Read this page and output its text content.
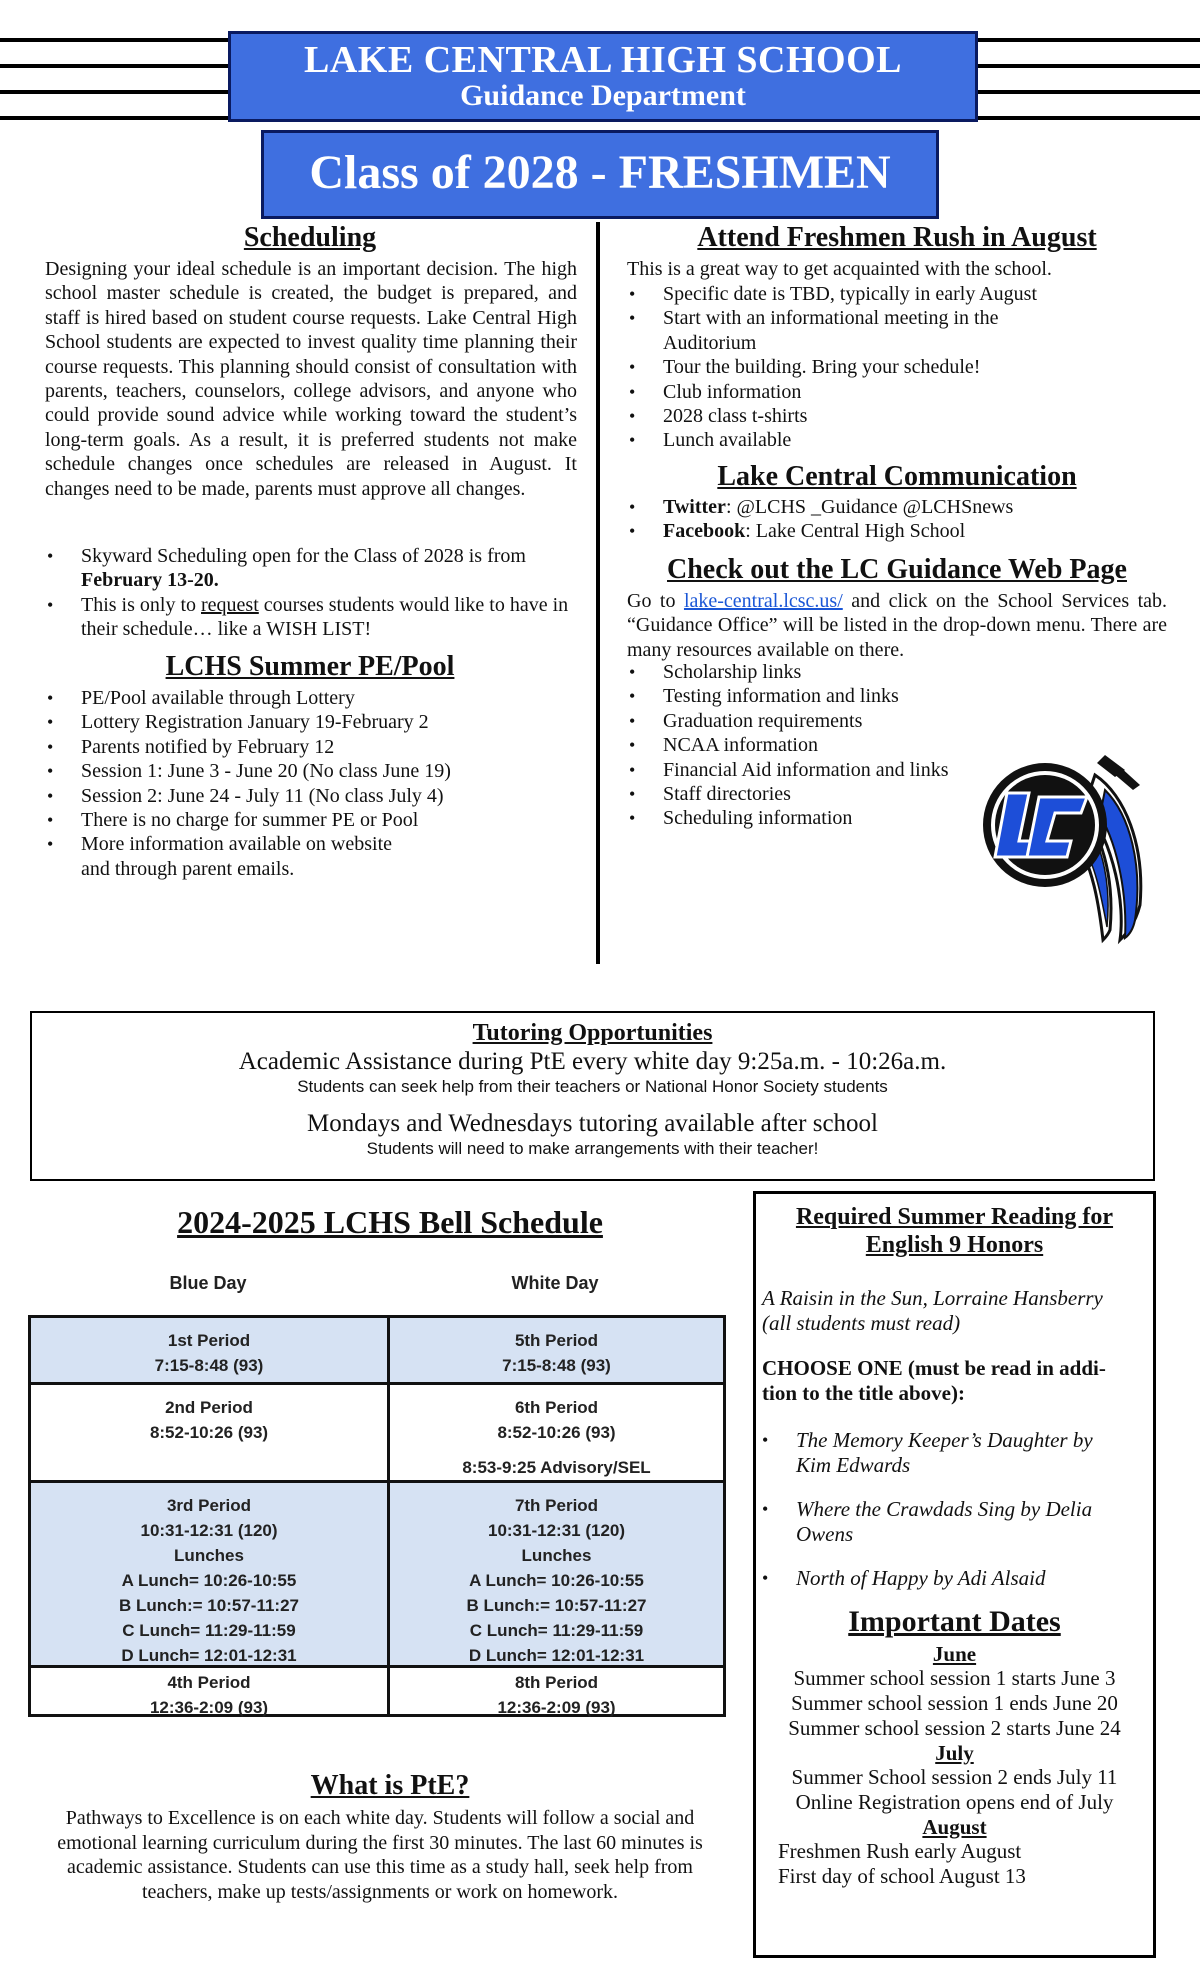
LAKE CENTRAL HIGH SCHOOL
Guidance Department
Class of 2028 - FRESHMEN
Scheduling
Designing your ideal schedule is an important decision. The high school master schedule is created, the budget is prepared, and staff is hired based on student course requests. Lake Central High School students are expected to invest quality time planning their course requests. This planning should consist of consultation with parents, teachers, counselors, college advisors, and anyone who could provide sound advice while working toward the student’s long-term goals. As a result, it is preferred students not make schedule changes once schedules are released in August. It changes need to be made, parents must approve all changes.
• Skyward Scheduling open for the Class of 2028 is from February 13-20.
• This is only to request courses students would like to have in their schedule… like a WISH LIST!
LCHS Summer PE/Pool
• PE/Pool available through Lottery
• Lottery Registration January 19-February 2
• Parents notified by February 12
• Session 1: June 3 - June 20 (No class June 19)
• Session 2: June 24 - July 11 (No class July 4)
• There is no charge for summer PE or Pool
• More information available on website and through parent emails.
Attend Freshmen Rush in August
This is a great way to get acquainted with the school.
• Specific date is TBD, typically in early August
• Start with an informational meeting in the Auditorium
• Tour the building. Bring your schedule!
• Club information
• 2028 class t-shirts
• Lunch available
Lake Central Communication
• Twitter: @LCHS _Guidance @LCHSnews
• Facebook: Lake Central High School
Check out the LC Guidance Web Page
Go to lake-central.lcsc.us/ and click on the School Services tab. “Guidance Office” will be listed in the drop-down menu. There are many resources available on there.
• Scholarship links
• Testing information and links
• Graduation requirements
• NCAA information
• Financial Aid information and links
• Staff directories
• Scheduling information
Tutoring Opportunities
Academic Assistance during PtE every white day 9:25a.m. - 10:26a.m.
Students can seek help from their teachers or National Honor Society students
Mondays and Wednesdays tutoring available after school
Students will need to make arrangements with their teacher!
2024-2025 LCHS Bell Schedule
Blue Day	White Day
1st Period
7:15-8:48 (93)
2nd Period
8:52-10:26 (93)
3rd Period
10:31-12:31 (120)
Lunches
A Lunch= 10:26-10:55
B Lunch:= 10:57-11:27
C Lunch= 11:29-11:59
D Lunch= 12:01-12:31
4th Period
12:36-2:09 (93)
5th Period
7:15-8:48 (93)
6th Period
8:52-10:26 (93)
8:53-9:25 Advisory/SEL
7th Period
10:31-12:31 (120)
Lunches
A Lunch= 10:26-10:55
B Lunch:= 10:57-11:27
C Lunch= 11:29-11:59
D Lunch= 12:01-12:31
8th Period
12:36-2:09 (93)
What is PtE?
Pathways to Excellence is on each white day. Students will follow a social and emotional learning curriculum during the first 30 minutes. The last 60 minutes is academic assistance. Students can use this time as a study hall, seek help from teachers, make up tests/assignments or work on homework.
Required Summer Reading for
English 9 Honors
A Raisin in the Sun, Lorraine Hansberry
(all students must read)
CHOOSE ONE (must be read in addi-
tion to the title above):
• The Memory Keeper’s Daughter by
Kim Edwards
• Where the Crawdads Sing by Delia
Owens
• North of Happy by Adi Alsaid
Important Dates
June
Summer school session 1 starts June 3
Summer school session 1 ends June 20
Summer school session 2 starts June 24
July
Summer School session 2 ends July 11
Online Registration opens end of July
August
Freshmen Rush early August
First day of school August 13
